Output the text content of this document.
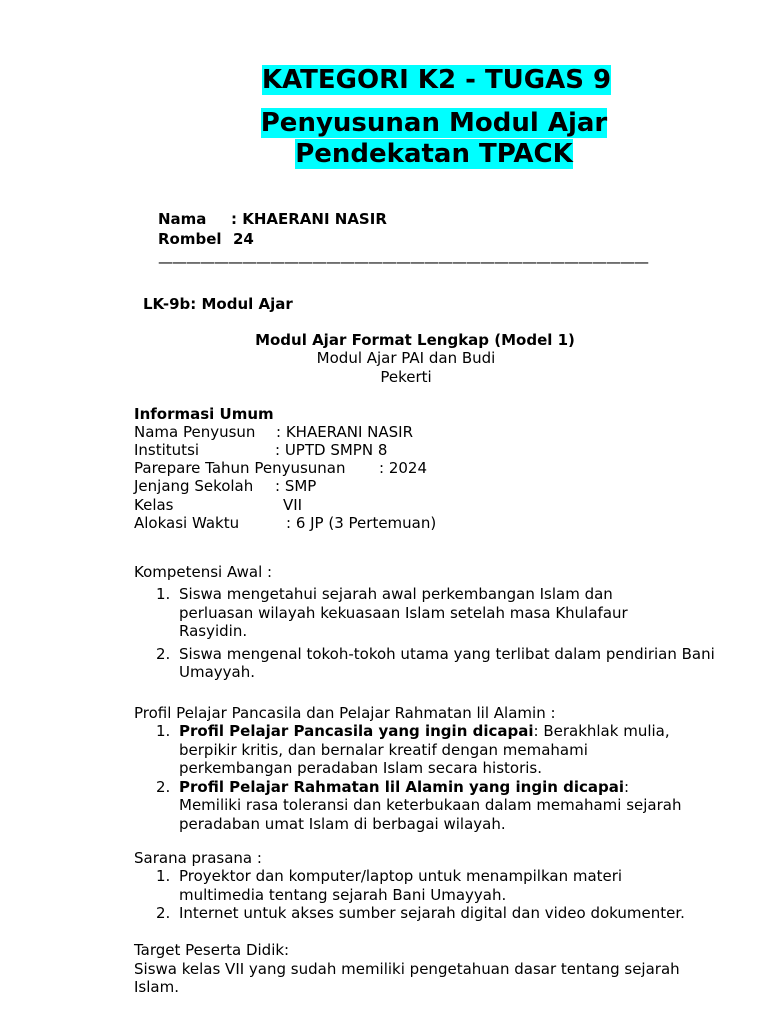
KATEGORI K2 - TUGAS 9
Penyusunan Modul Ajar
Pendekatan TPACK
Nama : KHAERANI NASIR
Rombel 24
———————————————————————————————————
LK-9b: Modul Ajar
Modul Ajar Format Lengkap (Model 1)
Modul Ajar PAI dan Budi
Pekerti
Informasi Umum
Nama Penyusun : KHAERANI NASIR
Institutsi	: UPTD SMPN 8
Parepare Tahun Penyusunan : 2024
Jenjang Sekolah : SMP
Kelas	VII
Alokasi Waktu	: 6 JP (3 Pertemuan)
Kompetensi Awal :
1. Siswa mengetahui sejarah awal perkembangan Islam dan
perluasan wilayah kekuasaan Islam setelah masa Khulafaur
Rasyidin.
2. Siswa mengenal tokoh-tokoh utama yang terlibat dalam pendirian Bani
Umayyah.
Profil Pelajar Pancasila dan Pelajar Rahmatan lil Alamin :
1. Profil Pelajar Pancasila yang ingin dicapai: Berakhlak mulia,
berpikir kritis, dan bernalar kreatif dengan memahami
perkembangan peradaban Islam secara historis.
2. Profil Pelajar Rahmatan lil Alamin yang ingin dicapai:
Memiliki rasa toleransi dan keterbukaan dalam memahami sejarah
peradaban umat Islam di berbagai wilayah.
Sarana prasana :
1. Proyektor dan komputer/laptop untuk menampilkan materi
multimedia tentang sejarah Bani Umayyah.
2. Internet untuk akses sumber sejarah digital dan video dokumenter.
Target Peserta Didik:
Siswa kelas VII yang sudah memiliki pengetahuan dasar tentang sejarah
Islam.
